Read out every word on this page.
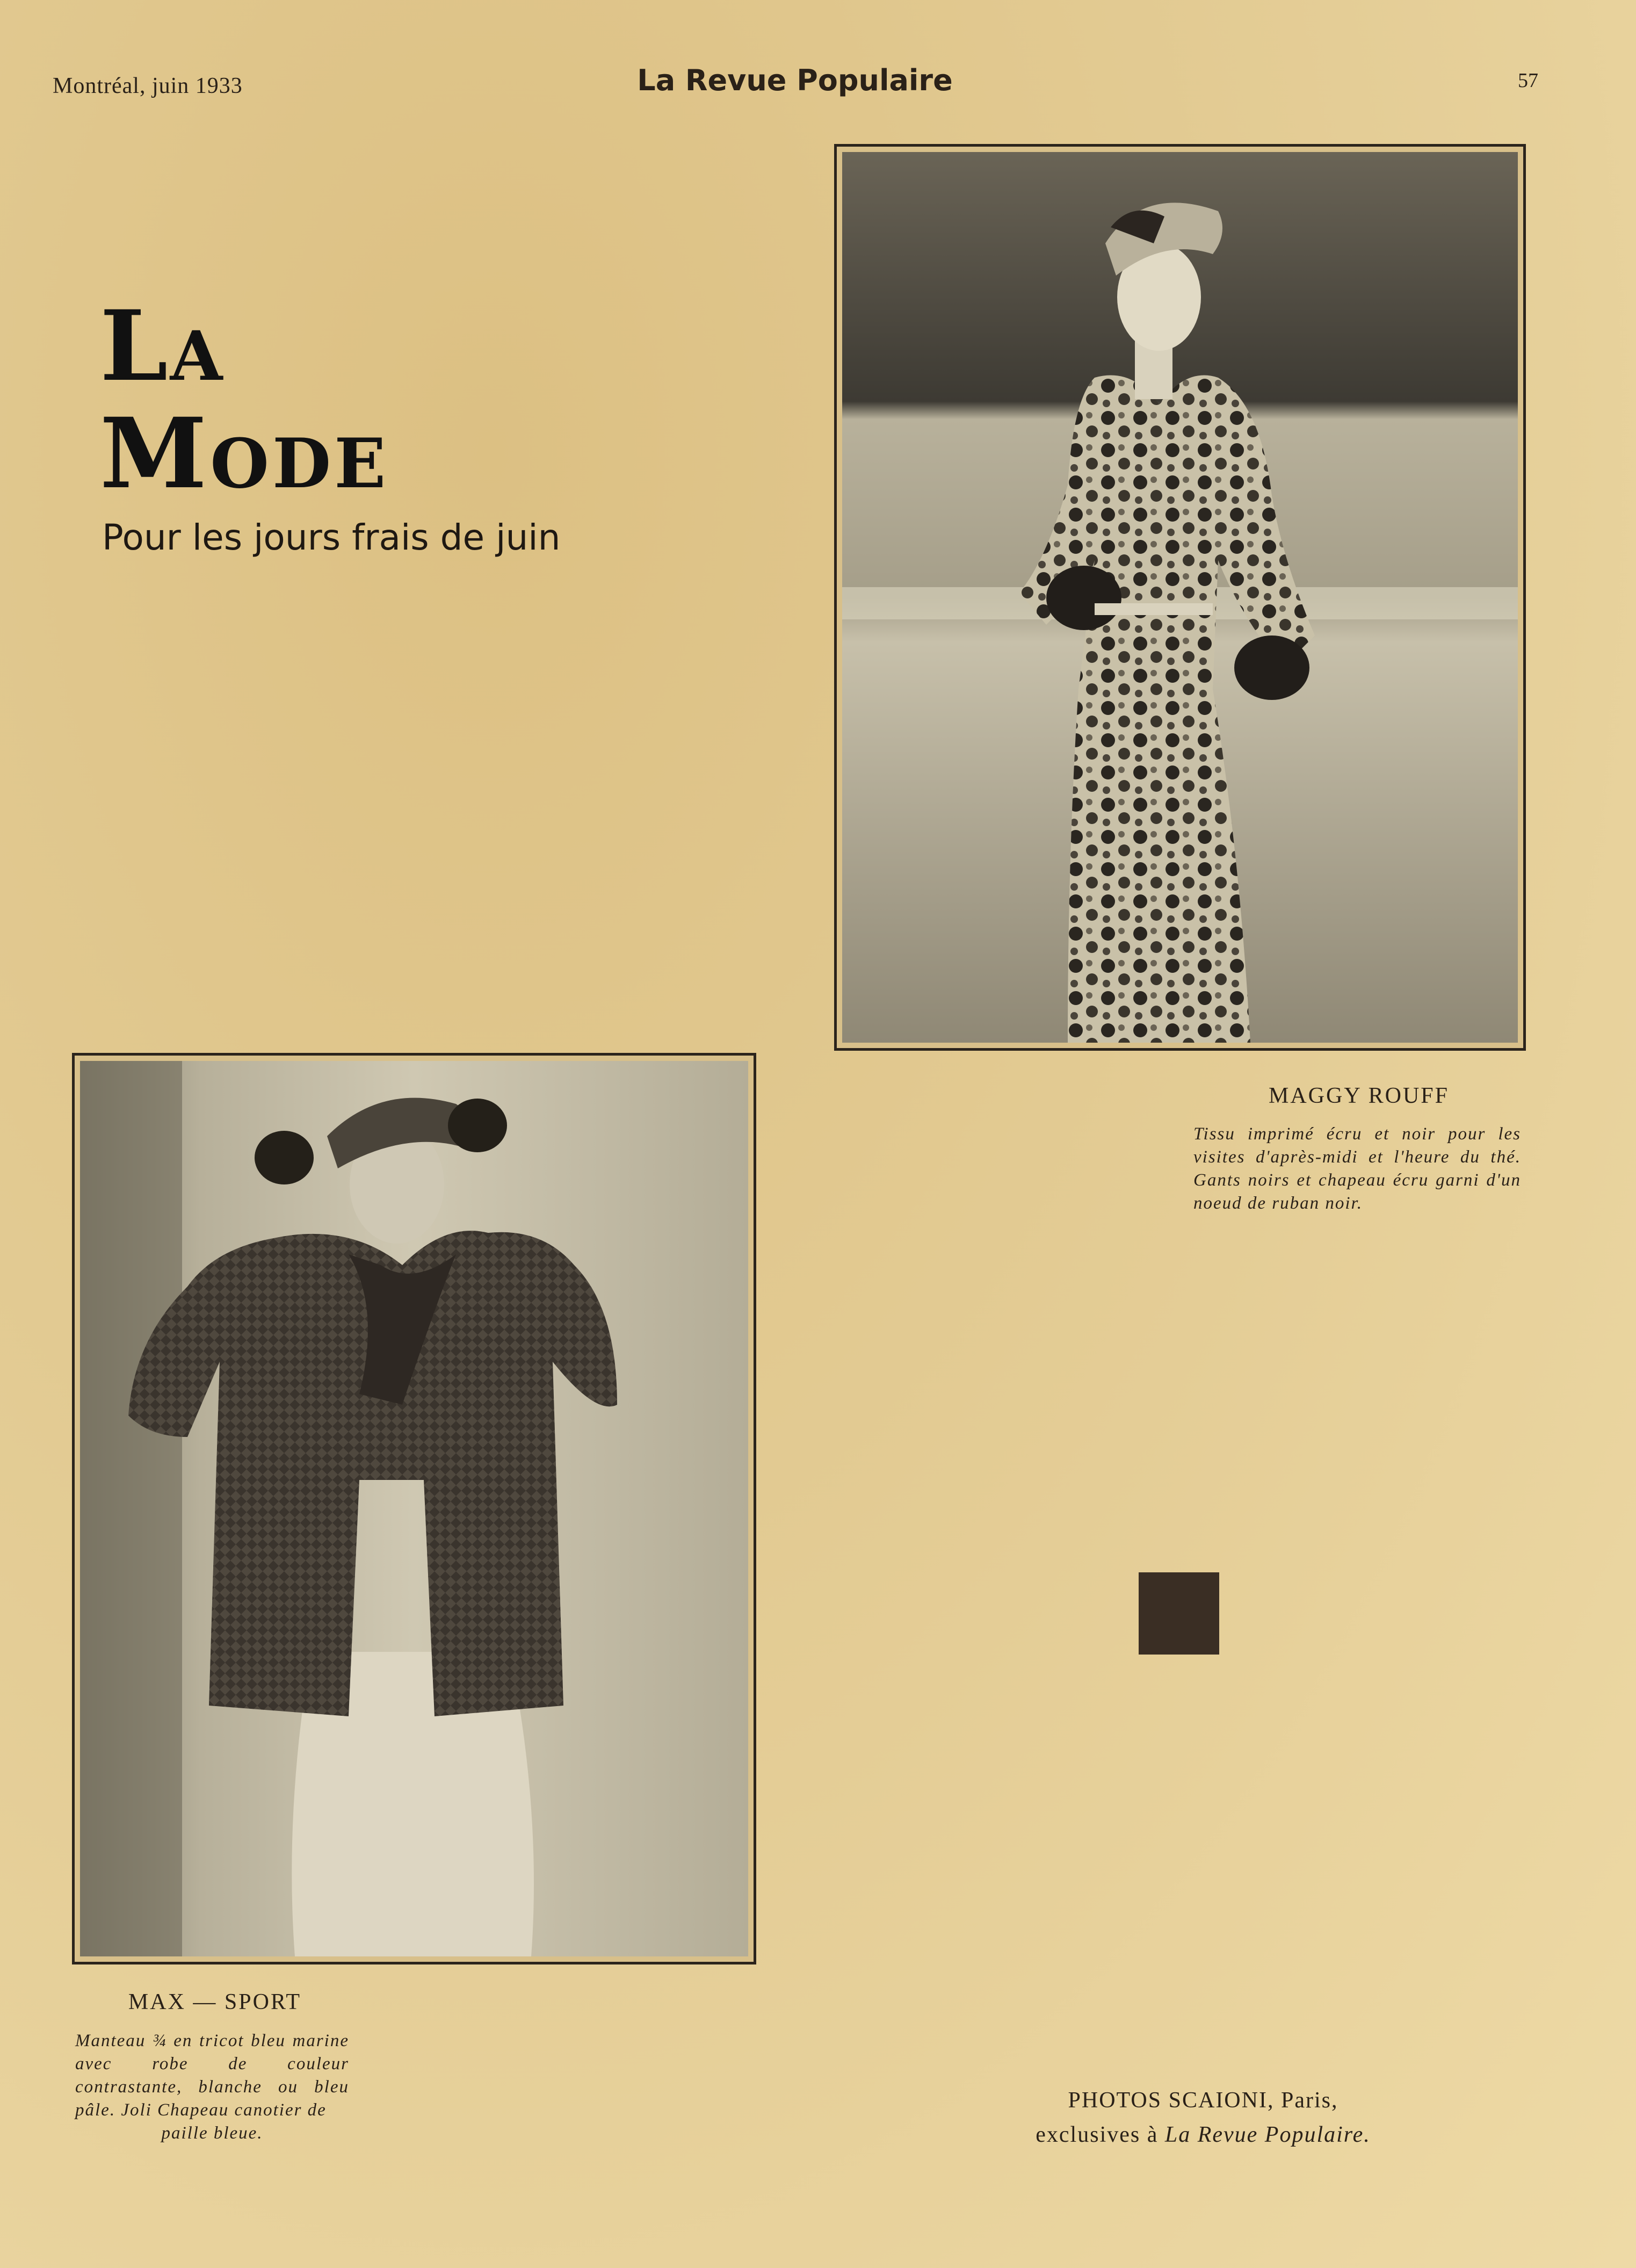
Montréal, juin 1933	La Revue Populaire	57
La
Mode
Pour les jours frais de juin
MAGGY ROUFF
Tissu imprimé écru et noir pour les visites d'après-midi et l'heure du thé. Gants noirs et chapeau écru garni d'un noeud de ruban noir.
MAX — SPORT
Manteau ¾ en tricot bleu marine avec robe de couleur contrastante, blanche ou bleu pâle. Joli Chapeau canotier de
paille bleue.
PHOTOS SCAIONI, Paris,
exclusives à La Revue Populaire.
